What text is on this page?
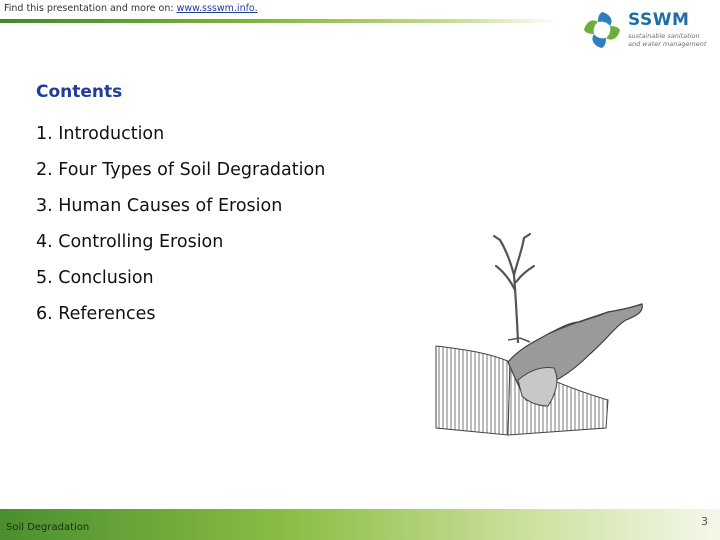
Find this presentation and more on: www.ssswm.info.
SSWM
sustainable sanitation
and water management
Contents
1. Introduction
2. Four Types of Soil Degradation
3. Human Causes of Erosion
4. Controlling Erosion
5. Conclusion
6. References
Soil Degradation	3
